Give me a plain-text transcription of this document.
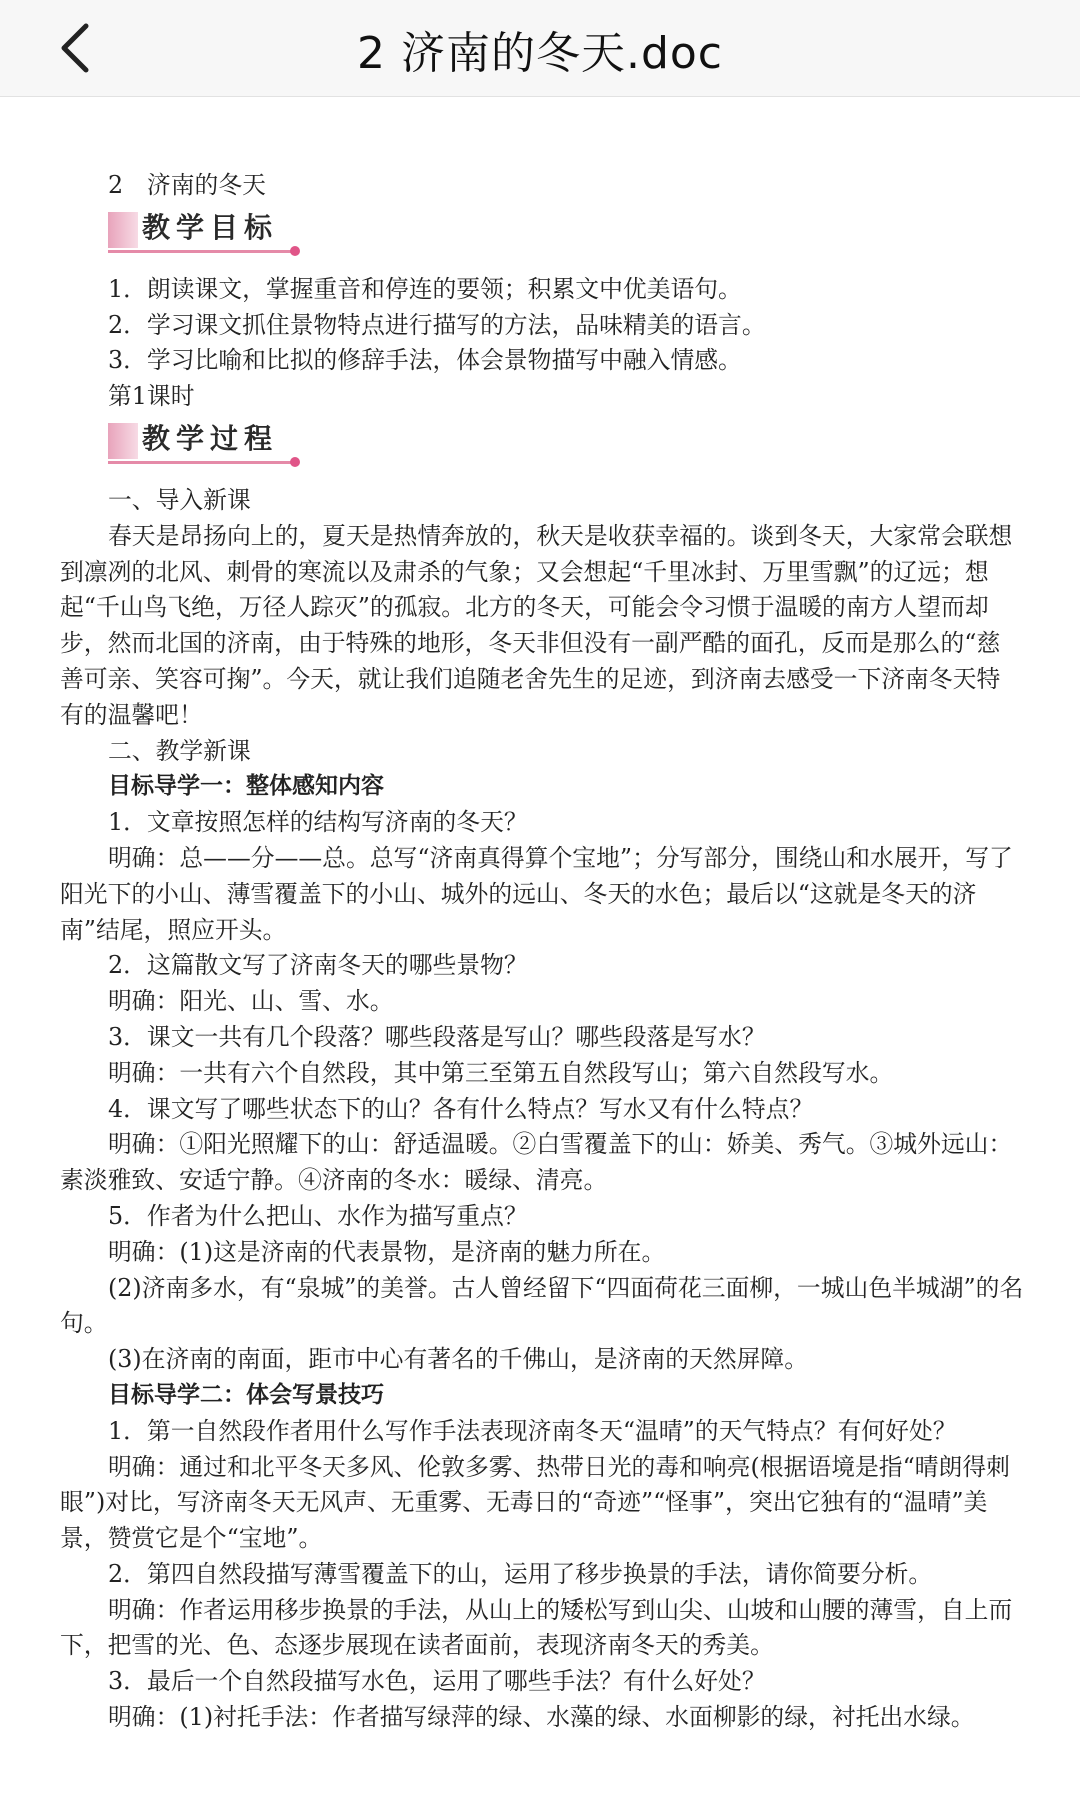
2 济南的冬天.doc

2　济南的冬天

教学目标

1．朗读课文，掌握重音和停连的要领；积累文中优美语句。

2．学习课文抓住景物特点进行描写的方法，品味精美的语言。

3．学习比喻和比拟的修辞手法，体会景物描写中融入情感。

第1课时

教学过程

一、导入新课

春天是昂扬向上的，夏天是热情奔放的，秋天是收获幸福的。谈到冬天，大家常会联想到凛冽的北风、刺骨的寒流以及肃杀的气象；又会想起“千里冰封、万里雪飘”的辽远；想起“千山鸟飞绝，万径人踪灭”的孤寂。北方的冬天，可能会令习惯于温暖的南方人望而却步，然而北国的济南，由于特殊的地形，冬天非但没有一副严酷的面孔，反而是那么的“慈善可亲、笑容可掬”。今天，就让我们追随老舍先生的足迹，到济南去感受一下济南冬天特有的温馨吧！

二、教学新课

目标导学一：整体感知内容

1．文章按照怎样的结构写济南的冬天？

明确：总——分——总。总写“济南真得算个宝地”；分写部分，围绕山和水展开，写了阳光下的小山、薄雪覆盖下的小山、城外的远山、冬天的水色；最后以“这就是冬天的济南”结尾，照应开头。

2．这篇散文写了济南冬天的哪些景物？

明确：阳光、山、雪、水。

3．课文一共有几个段落？哪些段落是写山？哪些段落是写水？

明确：一共有六个自然段，其中第三至第五自然段写山；第六自然段写水。

4．课文写了哪些状态下的山？各有什么特点？写水又有什么特点？

明确：①阳光照耀下的山：舒适温暖。②白雪覆盖下的山：娇美、秀气。③城外远山：素淡雅致、安适宁静。④济南的冬水：暖绿、清亮。

5．作者为什么把山、水作为描写重点？

明确：(1)这是济南的代表景物，是济南的魅力所在。

(2)济南多水，有“泉城”的美誉。古人曾经留下“四面荷花三面柳，一城山色半城湖”的名句。

(3)在济南的南面，距市中心有著名的千佛山，是济南的天然屏障。

目标导学二：体会写景技巧

1．第一自然段作者用什么写作手法表现济南冬天“温晴”的天气特点？有何好处？

明确：通过和北平冬天多风、伦敦多雾、热带日光的毒和响亮(根据语境是指“晴朗得刺眼”)对比，写济南冬天无风声、无重雾、无毒日的“奇迹”“怪事”，突出它独有的“温晴”美景，赞赏它是个“宝地”。

2．第四自然段描写薄雪覆盖下的山，运用了移步换景的手法，请你简要分析。

明确：作者运用移步换景的手法，从山上的矮松写到山尖、山坡和山腰的薄雪，自上而下，把雪的光、色、态逐步展现在读者面前，表现济南冬天的秀美。

3．最后一个自然段描写水色，运用了哪些手法？有什么好处？

明确：(1)衬托手法：作者描写绿萍的绿、水藻的绿、水面柳影的绿，衬托出水绿。
